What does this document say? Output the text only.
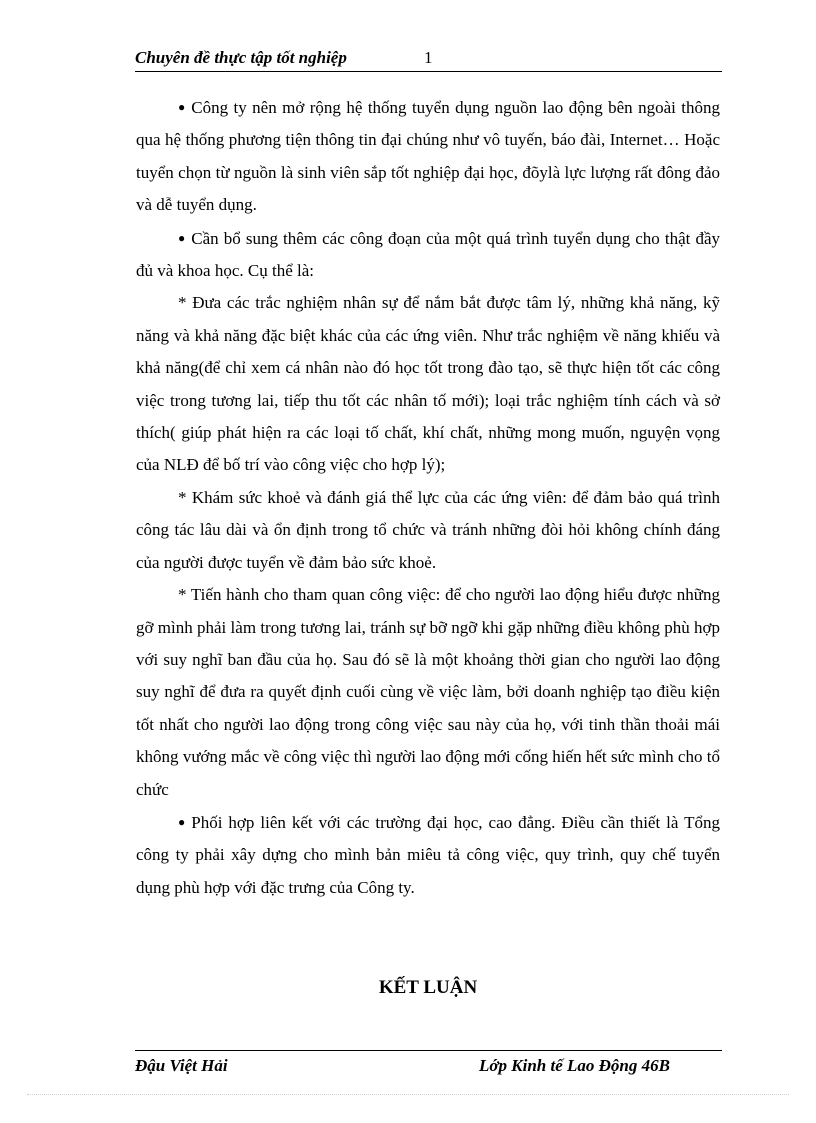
Chuyên đề thực tập tốt nghiệp	1

● Công ty nên mở rộng hệ thống tuyển dụng nguồn lao động bên ngoài thông qua hệ thống phương tiện thông tin đại chúng như vô tuyến, báo đài, Internet… Hoặc tuyển chọn từ nguồn là sinh viên sắp tốt nghiệp đại học, đõylà lực lượng rất đông đảo và dễ tuyển dụng.

● Cần bổ sung thêm các công đoạn của một quá trình tuyển dụng cho thật đầy đủ và khoa học. Cụ thể là:

* Đưa các trắc nghiệm nhân sự để nắm bắt được tâm lý, những khả năng, kỹ năng và khả năng đặc biệt khác của các ứng viên. Như trắc nghiệm về năng khiếu và khả năng(để chỉ xem cá nhân nào đó học tốt trong đào tạo, sẽ thực hiện tốt các công việc trong tương lai, tiếp thu tốt các nhân tố mới); loại trắc nghiệm tính cách và sở thích( giúp phát hiện ra các loại tố chất, khí chất, những mong muốn, nguyện vọng của NLĐ để bố trí vào công việc cho hợp lý);

* Khám sức khoẻ và đánh giá thể lực của các ứng viên: để đảm bảo quá trình công tác lâu dài và ổn định trong tổ chức và tránh những đòi hỏi không chính đáng của người được tuyển về đảm bảo sức khoẻ.

* Tiến hành cho tham quan công việc: để cho người lao động hiểu được những gỡ mình phải làm trong tương lai, tránh sự bỡ ngỡ khi gặp những điều không phù hợp với suy nghĩ ban đầu của họ. Sau đó sẽ là một khoảng thời gian cho người lao động suy nghĩ để đưa ra quyết định cuối cùng về việc làm, bởi doanh nghiệp tạo điều kiện tốt nhất cho người lao động trong công việc sau này của họ, với tinh thần thoải mái không vướng mắc về công việc thì người lao động mới cống hiến hết sức mình cho tổ chức

● Phối hợp liên kết với các trường đại học, cao đẳng. Điều cần thiết là Tổng công ty phải xây dựng cho mình bản miêu tả công việc, quy trình, quy chế tuyển dụng phù hợp với đặc trưng của Công ty.

KẾT LUẬN
Đậu Việt Hải	Lớp Kinh tế Lao Động 46B
